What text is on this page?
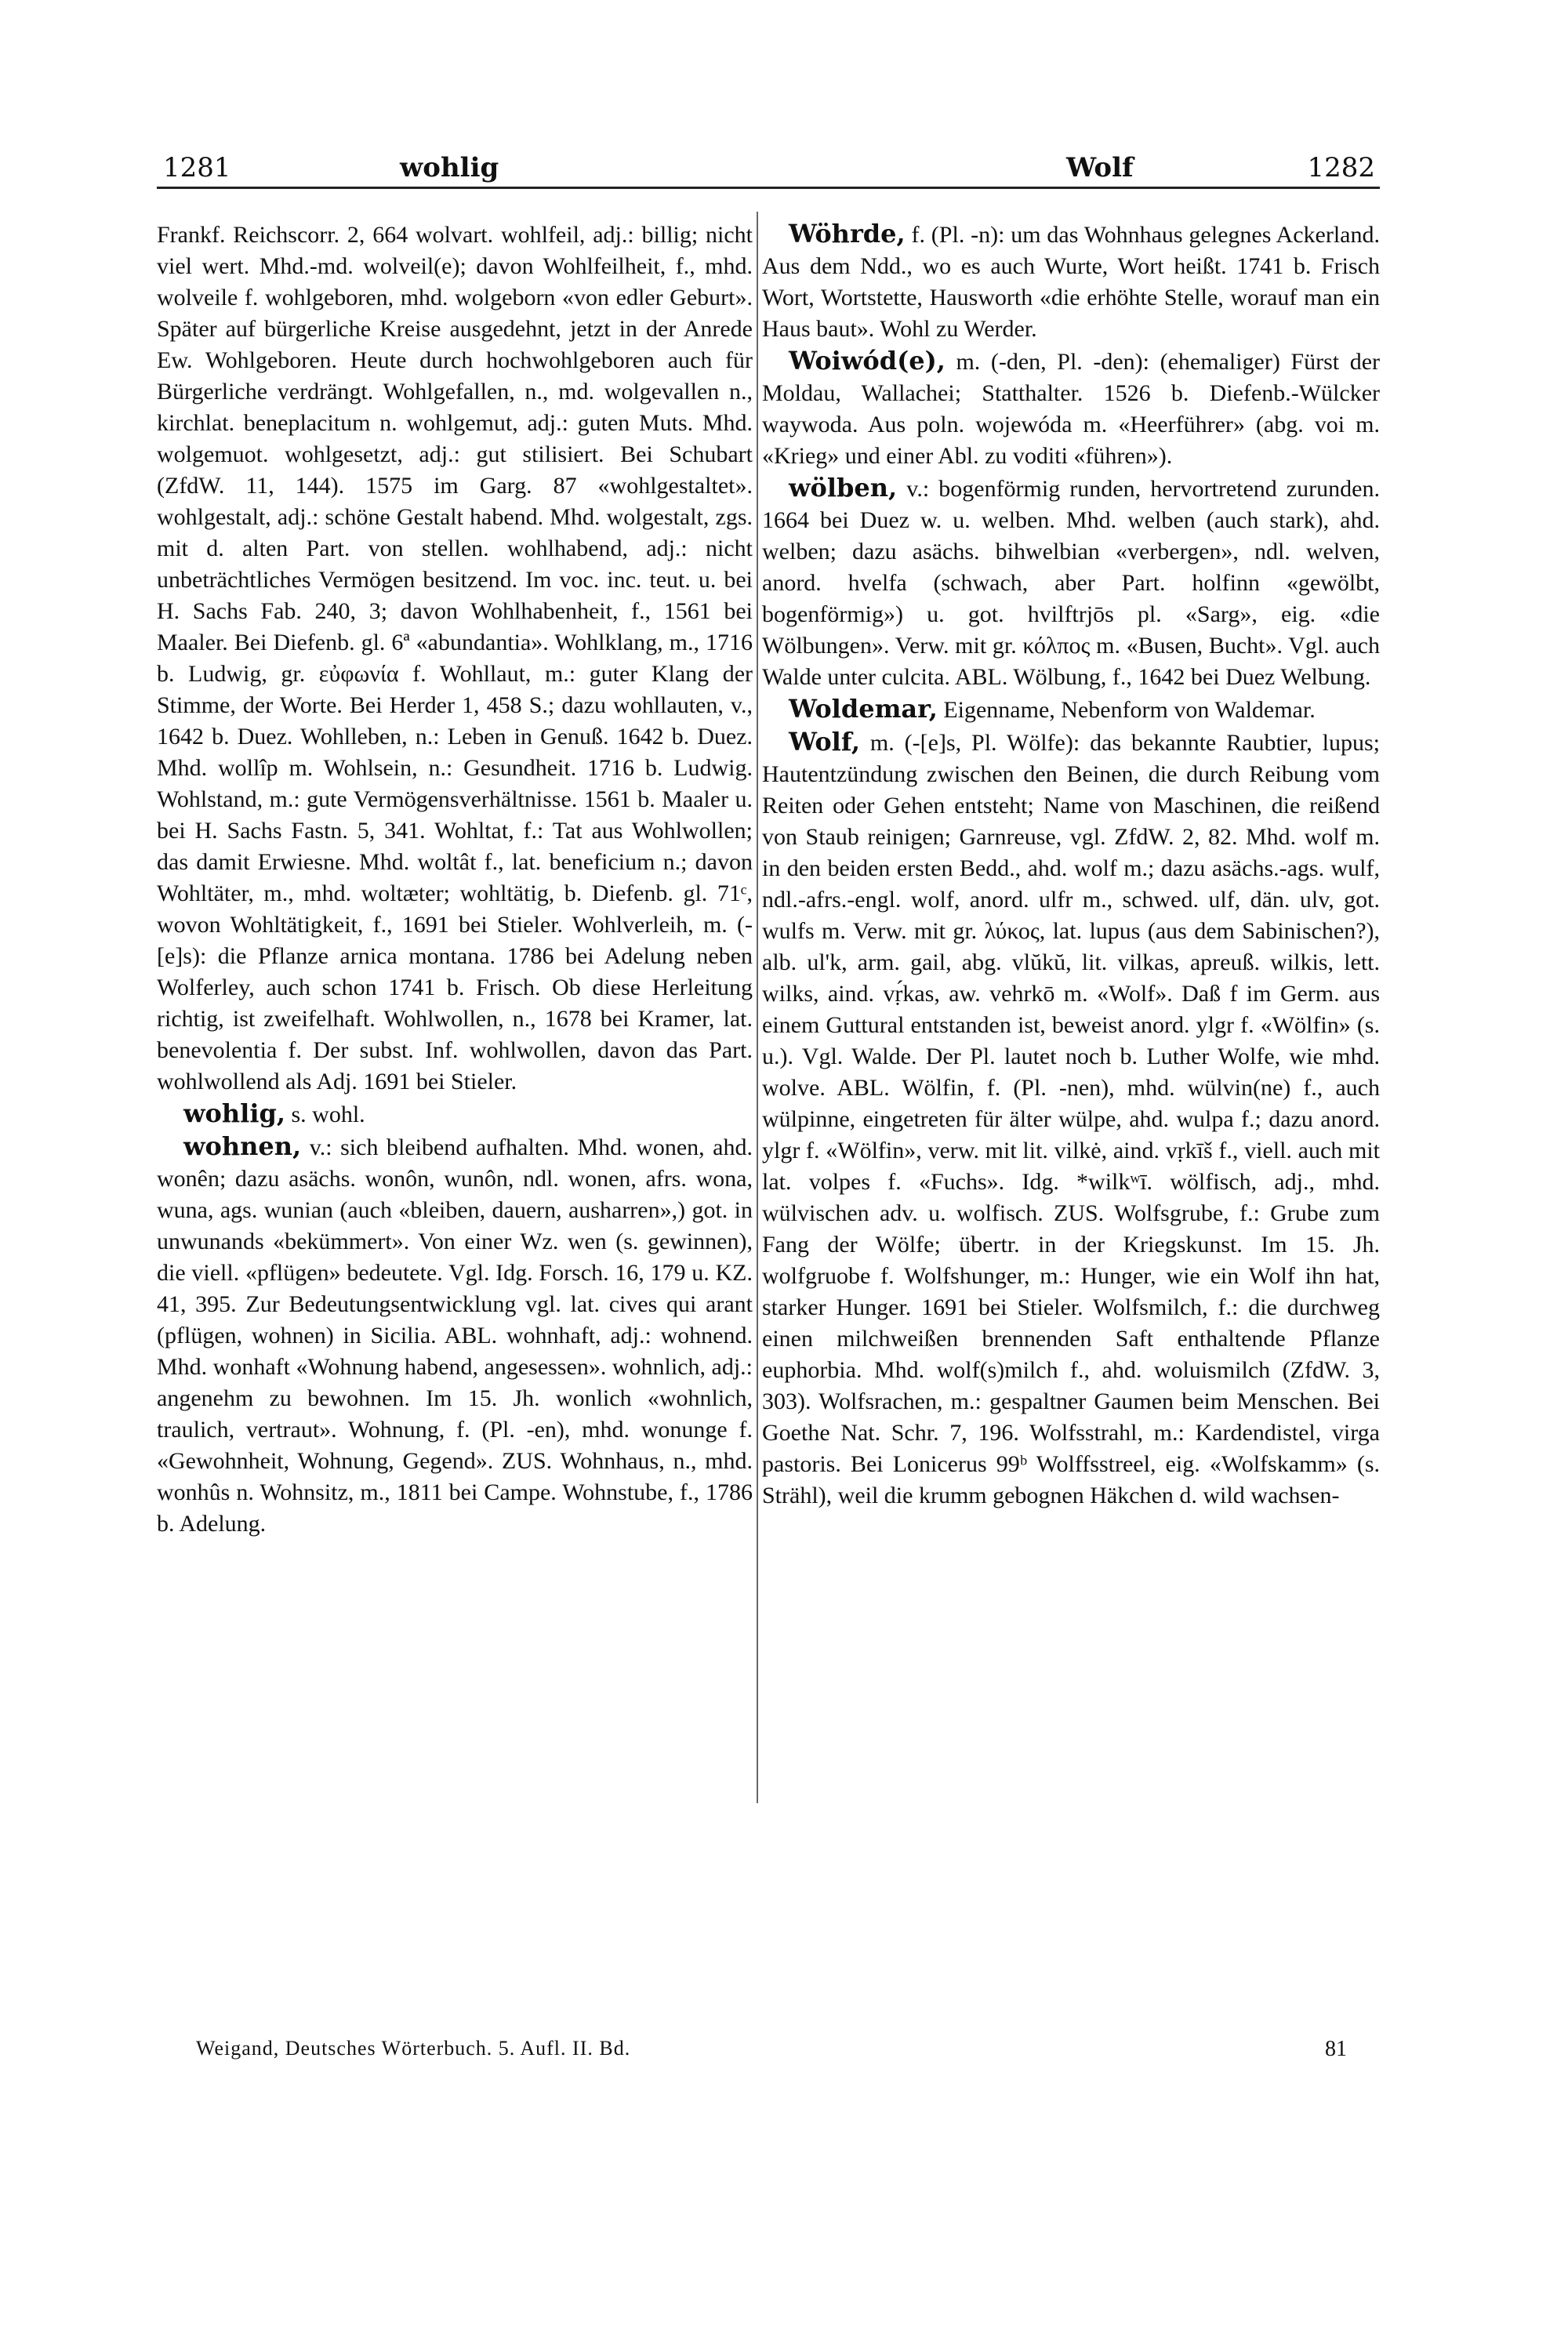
1281	wohlig	Wolf	1282

Frankf. Reichscorr. 2, 664 wolvart. wohlfeil, adj.: billig; nicht viel wert. Mhd.-md. wolveil(e); davon Wohlfeilheit, f., mhd. wolveile f. wohlgeboren, mhd. wolgeborn «von edler Geburt». Später auf bürgerliche Kreise ausgedehnt, jetzt in der Anrede Ew. Wohlgeboren. Heute durch hochwohlgeboren auch für Bürgerliche verdrängt. Wohlgefallen, n., md. wolgevallen n., kirchlat. beneplacitum n. wohlgemut, adj.: guten Muts. Mhd. wolgemuot. wohlgesetzt, adj.: gut stilisiert. Bei Schubart (ZfdW. 11, 144). 1575 im Garg. 87 «wohlgestaltet». wohlgestalt, adj.: schöne Gestalt habend. Mhd. wolgestalt, zgs. mit d. alten Part. von stellen. wohlhabend, adj.: nicht unbeträchtliches Vermögen besitzend. Im voc. inc. teut. u. bei H. Sachs Fab. 240, 3; davon Wohlhabenheit, f., 1561 bei Maaler. Bei Diefenb. gl. 6ª «abundantia». Wohlklang, m., 1716 b. Ludwig, gr. εὐφωνία f. Wohllaut, m.: guter Klang der Stimme, der Worte. Bei Herder 1, 458 S.; dazu wohllauten, v., 1642 b. Duez. Wohlleben, n.: Leben in Genuß. 1642 b. Duez. Mhd. wollîp m. Wohlsein, n.: Gesundheit. 1716 b. Ludwig. Wohlstand, m.: gute Vermögensverhältnisse. 1561 b. Maaler u. bei H. Sachs Fastn. 5, 341. Wohltat, f.: Tat aus Wohlwollen; das damit Erwiesne. Mhd. woltât f., lat. beneficium n.; davon Wohltäter, m., mhd. woltæter; wohltätig, b. Diefenb. gl. 71ᶜ, wovon Wohltätigkeit, f., 1691 bei Stieler. Wohlverleih, m. (-[e]s): die Pflanze arnica montana. 1786 bei Adelung neben Wolferley, auch schon 1741 b. Frisch. Ob diese Herleitung richtig, ist zweifelhaft. Wohlwollen, n., 1678 bei Kramer, lat. benevolentia f. Der subst. Inf. wohlwollen, davon das Part. wohlwollend als Adj. 1691 bei Stieler.

wohlig, s. wohl.

wohnen, v.: sich bleibend aufhalten. Mhd. wonen, ahd. wonên; dazu asächs. wonôn, wunôn, ndl. wonen, afrs. wona, wuna, ags. wunian (auch «bleiben, dauern, ausharren»,) got. in unwunands «bekümmert». Von einer Wz. wen (s. gewinnen), die viell. «pflügen» bedeutete. Vgl. Idg. Forsch. 16, 179 u. KZ. 41, 395. Zur Bedeutungsentwicklung vgl. lat. cives qui arant (pflügen, wohnen) in Sicilia. ABL. wohnhaft, adj.: wohnend. Mhd. wonhaft «Wohnung habend, angesessen». wohnlich, adj.: angenehm zu bewohnen. Im 15. Jh. wonlich «wohnlich, traulich, vertraut». Wohnung, f. (Pl. -en), mhd. wonunge f. «Gewohnheit, Wohnung, Gegend». ZUS. Wohnhaus, n., mhd. wonhûs n. Wohnsitz, m., 1811 bei Campe. Wohnstube, f., 1786 b. Adelung.

Wöhrde, f. (Pl. -n): um das Wohnhaus gelegnes Ackerland. Aus dem Ndd., wo es auch Wurte, Wort heißt. 1741 b. Frisch Wort, Wortstette, Hausworth «die erhöhte Stelle, worauf man ein Haus baut». Wohl zu Werder.

Woiwód(e), m. (-den, Pl. -den): (ehemaliger) Fürst der Moldau, Wallachei; Statthalter. 1526 b. Diefenb.-Wülcker waywoda. Aus poln. wojewóda m. «Heerführer» (abg. voi m. «Krieg» und einer Abl. zu voditi «führen»).

wölben, v.: bogenförmig runden, hervortretend zurunden. 1664 bei Duez w. u. welben. Mhd. welben (auch stark), ahd. welben; dazu asächs. bihwelbian «verbergen», ndl. welven, anord. hvelfa (schwach, aber Part. holfinn «gewölbt, bogenförmig») u. got. hvilftrjōs pl. «Sarg», eig. «die Wölbungen». Verw. mit gr. κόλπος m. «Busen, Bucht». Vgl. auch Walde unter culcita. ABL. Wölbung, f., 1642 bei Duez Welbung.

Woldemar, Eigenname, Nebenform von Waldemar.

Wolf, m. (-[e]s, Pl. Wölfe): das bekannte Raubtier, lupus; Hautentzündung zwischen den Beinen, die durch Reibung vom Reiten oder Gehen entsteht; Name von Maschinen, die reißend von Staub reinigen; Garnreuse, vgl. ZfdW. 2, 82. Mhd. wolf m. in den beiden ersten Bedd., ahd. wolf m.; dazu asächs.-ags. wulf, ndl.-afrs.-engl. wolf, anord. ulfr m., schwed. ulf, dän. ulv, got. wulfs m. Verw. mit gr. λύκος, lat. lupus (aus dem Sabinischen?), alb. ul'k, arm. gail, abg. vlŭkŭ, lit. vilkas, apreuß. wilkis, lett. wilks, aind. vṛ́kas, aw. vehrkō m. «Wolf». Daß f im Germ. aus einem Guttural entstanden ist, beweist anord. ylgr f. «Wölfin» (s. u.). Vgl. Walde. Der Pl. lautet noch b. Luther Wolfe, wie mhd. wolve. ABL. Wölfin, f. (Pl. -nen), mhd. wülvin(ne) f., auch wülpinne, eingetreten für älter wülpe, ahd. wulpa f.; dazu anord. ylgr f. «Wölfin», verw. mit lit. vilkė, aind. vṛkīš f., viell. auch mit lat. volpes f. «Fuchs». Idg. *wilkʷī. wölfisch, adj., mhd. wülvischen adv. u. wolfisch. ZUS. Wolfsgrube, f.: Grube zum Fang der Wölfe; übertr. in der Kriegskunst. Im 15. Jh. wolfgruobe f. Wolfshunger, m.: Hunger, wie ein Wolf ihn hat, starker Hunger. 1691 bei Stieler. Wolfsmilch, f.: die durchweg einen milchweißen brennenden Saft enthaltende Pflanze euphorbia. Mhd. wolf(s)milch f., ahd. woluismilch (ZfdW. 3, 303). Wolfsrachen, m.: gespaltner Gaumen beim Menschen. Bei Goethe Nat. Schr. 7, 196. Wolfsstrahl, m.: Kardendistel, virga pastoris. Bei Lonicerus 99ᵇ Wolffsstreel, eig. «Wolfskamm» (s. Strähl), weil die krumm gebognen Häkchen d. wild wachsen-

Weigand, Deutsches Wörterbuch. 5. Aufl. II. Bd.	81
